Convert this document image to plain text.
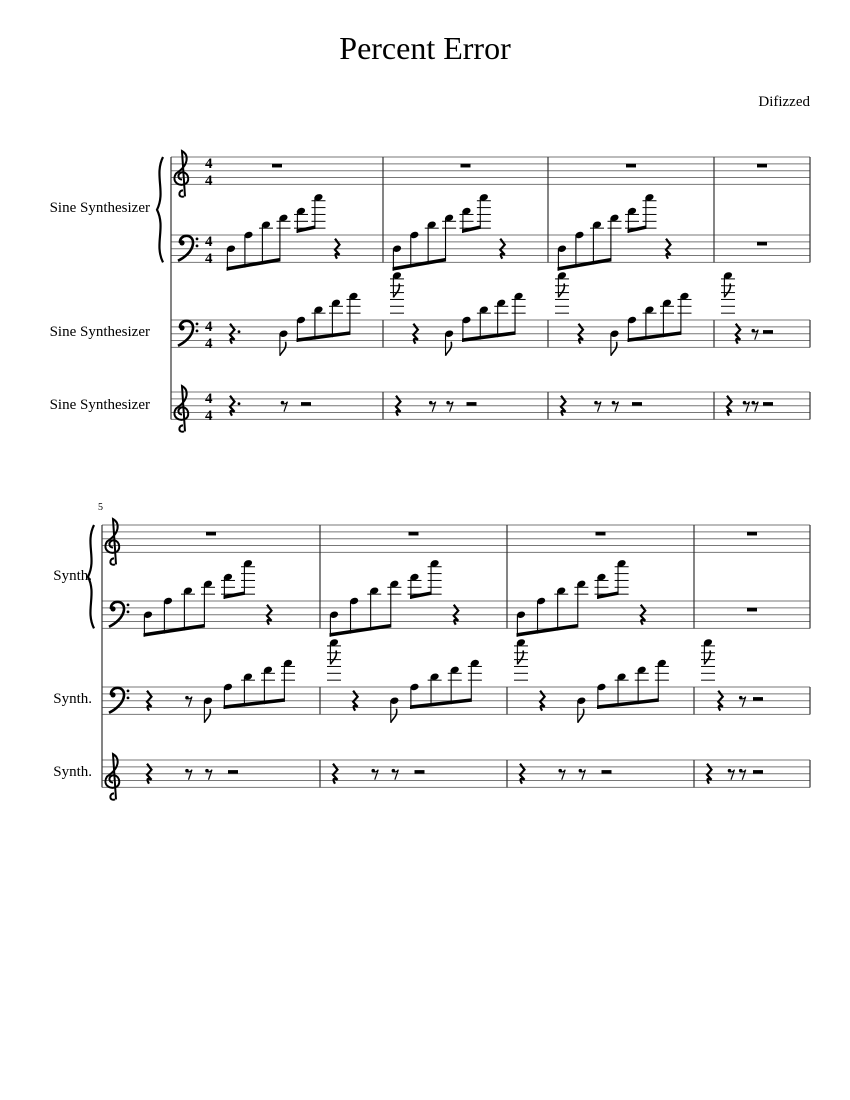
Percent Error
Difizzed
Sine Synthesizer
Sine Synthesizer
Sine Synthesizer
5
Synth.
Synth.
Synth.
4
4
4
4
4
4
4
4
